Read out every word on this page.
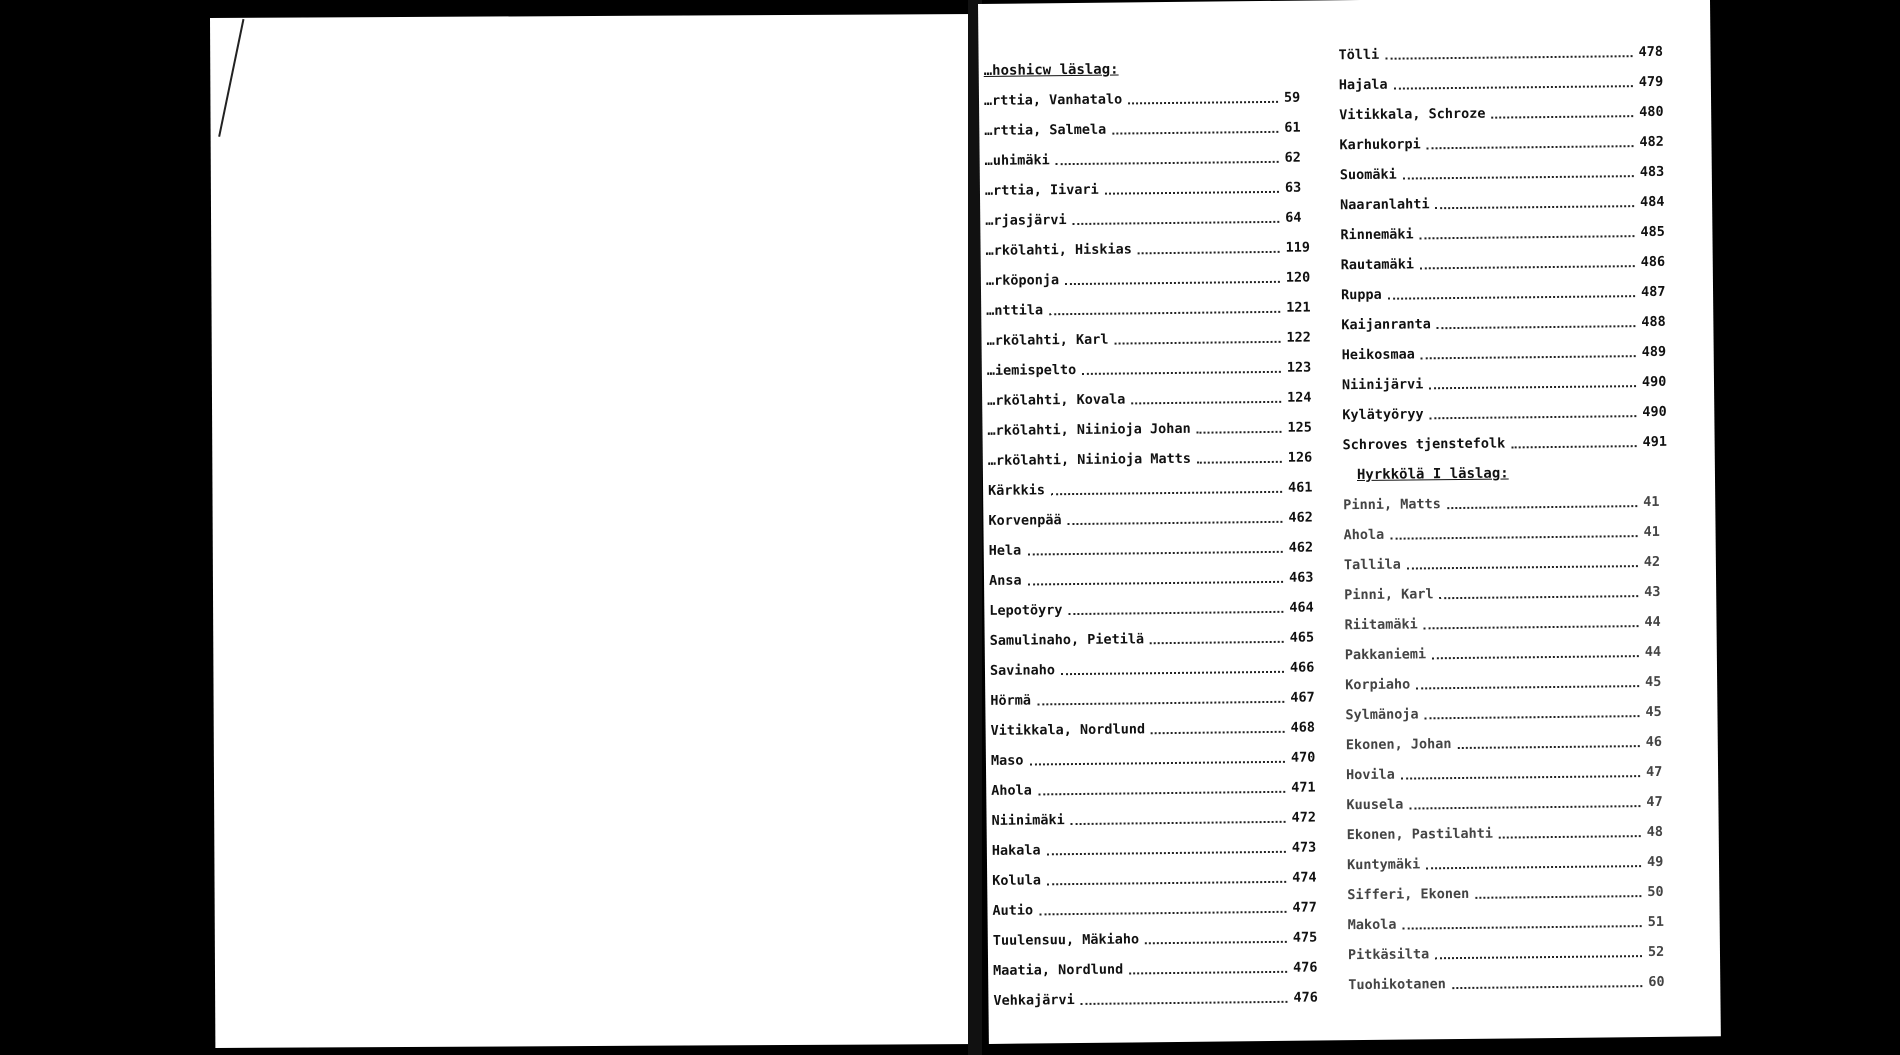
…hoshicw läslag:
…rttia, Vanhatalo	59
…rttia, Salmela	61
…uhimäki	62
…rttia, Iivari	63
…rjasjärvi	64
…rkölahti, Hiskias	119
…rköponja	120
…nttila	121
…rkölahti, Karl	122
…iemispelto	123
…rkölahti, Kovala	124
…rkölahti, Niinioja Johan	125
…rkölahti, Niinioja Matts	126
Kärkkis	461
Korvenpää	462
Hela	462
Ansa	463
Lepotöyry	464
Samulinaho, Pietilä	465
Savinaho	466
Hörmä	467
Vitikkala, Nordlund	468
Maso	470
Ahola	471
Niinimäki	472
Hakala	473
Kolula	474
Autio	477
Tuulensuu, Mäkiaho	475
Maatia, Nordlund	476
Vehkajärvi	476
Tölli	478
Hajala	479
Vitikkala, Schroze	480
Karhukorpi	482
Suomäki	483
Naaranlahti	484
Rinnemäki	485
Rautamäki	486
Ruppa	487
Kaijanranta	488
Heikosmaa	489
Niinijärvi	490
Kylätyöryy	490
Schroves tjenstefolk	491
Hyrkkölä I läslag:
Pinni, Matts	41
Ahola	41
Tallila	42
Pinni, Karl	43
Riitamäki	44
Pakkaniemi	44
Korpiaho	45
Sylmänoja	45
Ekonen, Johan	46
Hovila	47
Kuusela	47
Ekonen, Pastilahti	48
Kuntymäki	49
Sifferi, Ekonen	50
Makola	51
Pitkäsilta	52
Tuohikotanen	60
